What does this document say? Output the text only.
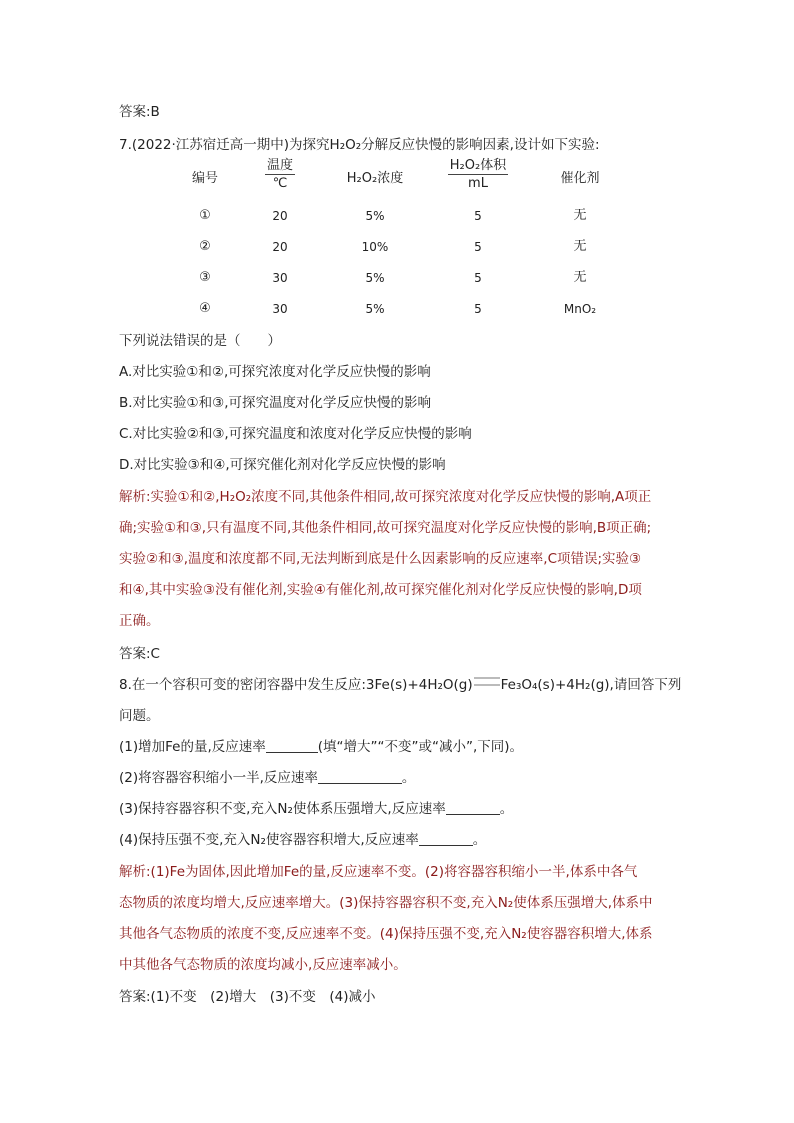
答案:B
7.(2022·江苏宿迁高一期中)为探究H₂O₂分解反应快慢的影响因素,设计如下实验:
编号	$\frac{\text{温度}}{℃}$	H₂O₂浓度	$\frac{\text{H₂O₂体积}}{mL}$	催化剂
①	20	5%	5	无
②	20	10%	5	无
③	30	5%	5	无
④	30	5%	5	MnO₂
下列说法错误的是（　　）
A.对比实验①和②,可探究浓度对化学反应快慢的影响
B.对比实验①和③,可探究温度对化学反应快慢的影响
C.对比实验②和③,可探究温度和浓度对化学反应快慢的影响
D.对比实验③和④,可探究催化剂对化学反应快慢的影响
解析:实验①和②,H₂O₂浓度不同,其他条件相同,故可探究浓度对化学反应快慢的影响,A项正
确;实验①和③,只有温度不同,其他条件相同,故可探究温度对化学反应快慢的影响,B项正确;
实验②和③,温度和浓度都不同,无法判断到底是什么因素影响的反应速率,C项错误;实验③
和④,其中实验③没有催化剂,实验④有催化剂,故可探究催化剂对化学反应快慢的影响,D项
正确。
答案:C
8.在一个容积可变的密闭容器中发生反应:3Fe(s)+4H₂O(g) Fe₃O₄(s)+4H₂(g),请回答下列
问题。
(1)增加Fe的量,反应速率	(填“增大”“不变”或“减小”,下同)。
(2)将容器容积缩小一半,反应速率	。
(3)保持容器容积不变,充入N₂使体系压强增大,反应速率	。
(4)保持压强不变,充入N₂使容器容积增大,反应速率	。
解析:(1)Fe为固体,因此增加Fe的量,反应速率不变。(2)将容器容积缩小一半,体系中各气
态物质的浓度均增大,反应速率增大。(3)保持容器容积不变,充入N₂使体系压强增大,体系中
其他各气态物质的浓度不变,反应速率不变。(4)保持压强不变,充入N₂使容器容积增大,体系
中其他各气态物质的浓度均减小,反应速率减小。
答案:(1)不变　(2)增大　(3)不变　(4)减小
